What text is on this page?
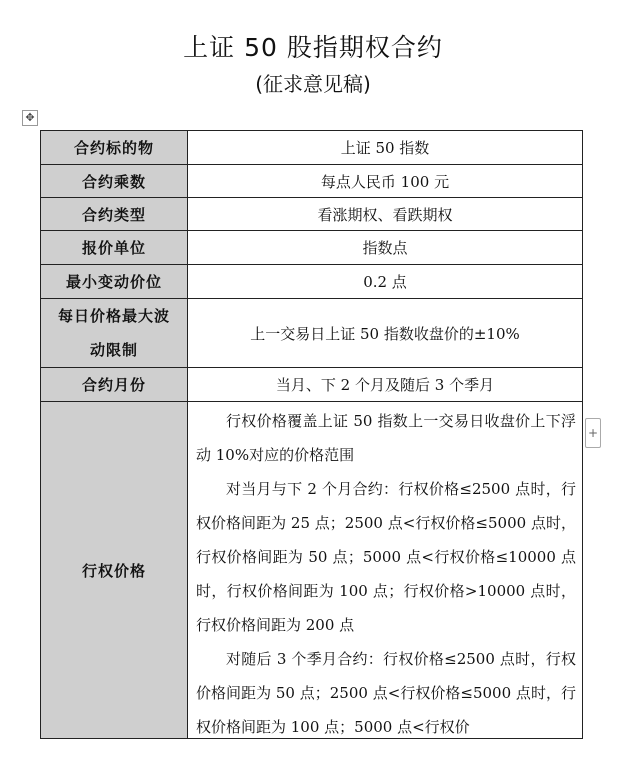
上证 50 股指期权合约
(征求意见稿)
✥
+
合约标的物	上证 50 指数
合约乘数	每点人民币 100 元
合约类型	看涨期权、看跌期权
报价单位	指数点
最小变动价位	0.2 点

每日价格最大波
动限制	上一交易日上证 50 指数收盘价的±10%
合约月份	当月、下 2 个月及随后 3 个季月
行权价格	行权价格覆盖上证 50 指数上一交易日收盘价上下浮动 10%对应的价格范围

对当月与下 2 个月合约：行权价格≤2500 点时，行权价格间距为 25 点；2500 点<行权价格≤5000 点时，行权价格间距为 50 点；5000 点<行权价格≤10000 点时，行权价格间距为 100 点；行权价格>10000 点时，行权价格间距为 200 点

对随后 3 个季月合约：行权价格≤2500 点时，行权价格间距为 50 点；2500 点<行权价格≤5000 点时，行权价格间距为 100 点；5000 点<行权价
